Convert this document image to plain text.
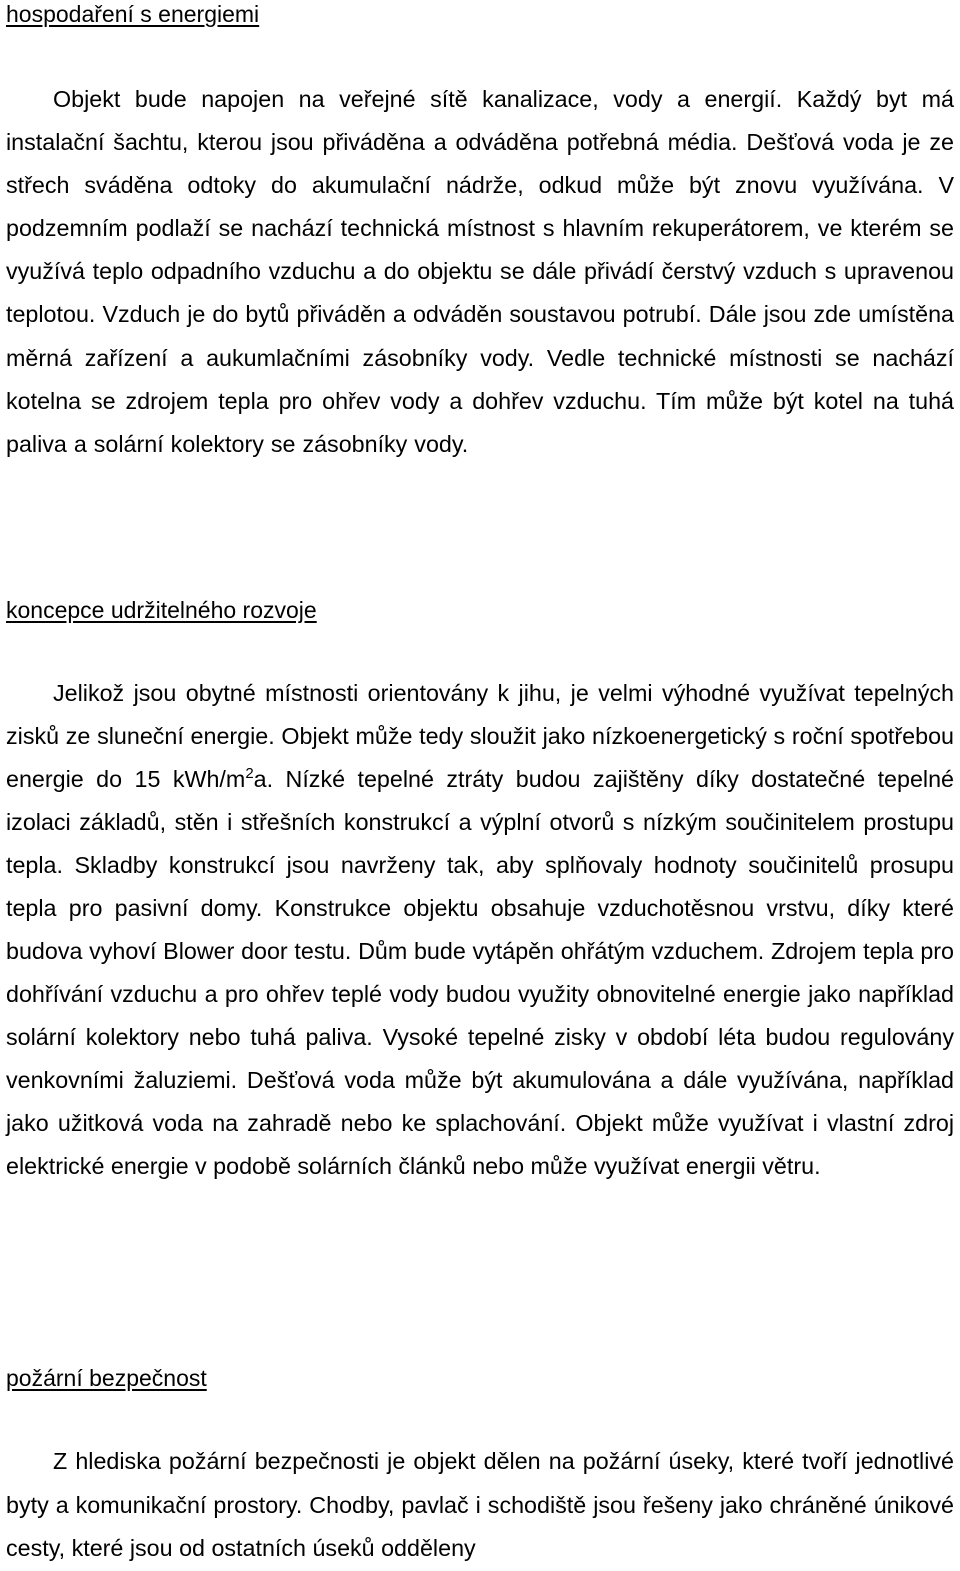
hospodaření s energiemi

Objekt bude napojen na veřejné sítě kanalizace, vody a energií. Každý byt má instalační šachtu, kterou jsou přiváděna a odváděna potřebná média. Dešťová voda je ze střech sváděna odtoky do akumulační nádrže, odkud může být znovu využívána. V podzemním podlaží se nachází technická místnost s hlavním rekuperátorem, ve kterém se využívá teplo odpadního vzduchu a do objektu se dále přivádí čerstvý vzduch s upravenou teplotou. Vzduch je do bytů přiváděn a odváděn soustavou potrubí. Dále jsou zde umístěna měrná zařízení a aukumlačními zásobníky vody. Vedle technické místnosti se nachází kotelna se zdrojem tepla pro ohřev vody a dohřev vzduchu. Tím může být kotel na tuhá paliva a solární kolektory se zásobníky vody.

koncepce udržitelného rozvoje

Jelikož jsou obytné místnosti orientovány k jihu, je velmi výhodné využívat tepelných zisků ze sluneční energie. Objekt může tedy sloužit jako nízkoenergetický s roční spotřebou energie do 15 kWh/$m^2a$. Nízké tepelné ztráty budou zajištěny díky dostatečné tepelné izolaci základů, stěn i střešních konstrukcí a výplní otvorů s nízkým součinitelem prostupu tepla. Skladby konstrukcí jsou navrženy tak, aby splňovaly hodnoty součinitelů prosupu tepla pro pasivní domy. Konstrukce objektu obsahuje vzduchotěsnou vrstvu, díky které budova vyhoví Blower door testu. Dům bude vytápěn ohřátým vzduchem. Zdrojem tepla pro dohřívání vzduchu a pro ohřev teplé vody budou využity obnovitelné energie jako například solární kolektory nebo tuhá paliva. Vysoké tepelné zisky v období léta budou regulovány venkovními žaluziemi. Dešťová voda může být akumulována a dále využívána, například jako užitková voda na zahradě nebo ke splachování. Objekt může využívat i vlastní zdroj elektrické energie v podobě solárních článků nebo může využívat energii větru.

požární bezpečnost

Z hlediska požární bezpečnosti je objekt dělen na požární úseky, které tvoří jednotlivé byty a komunikační prostory. Chodby, pavlač i schodiště jsou řešeny jako chráněné únikové cesty, které jsou od ostatních úseků odděleny
